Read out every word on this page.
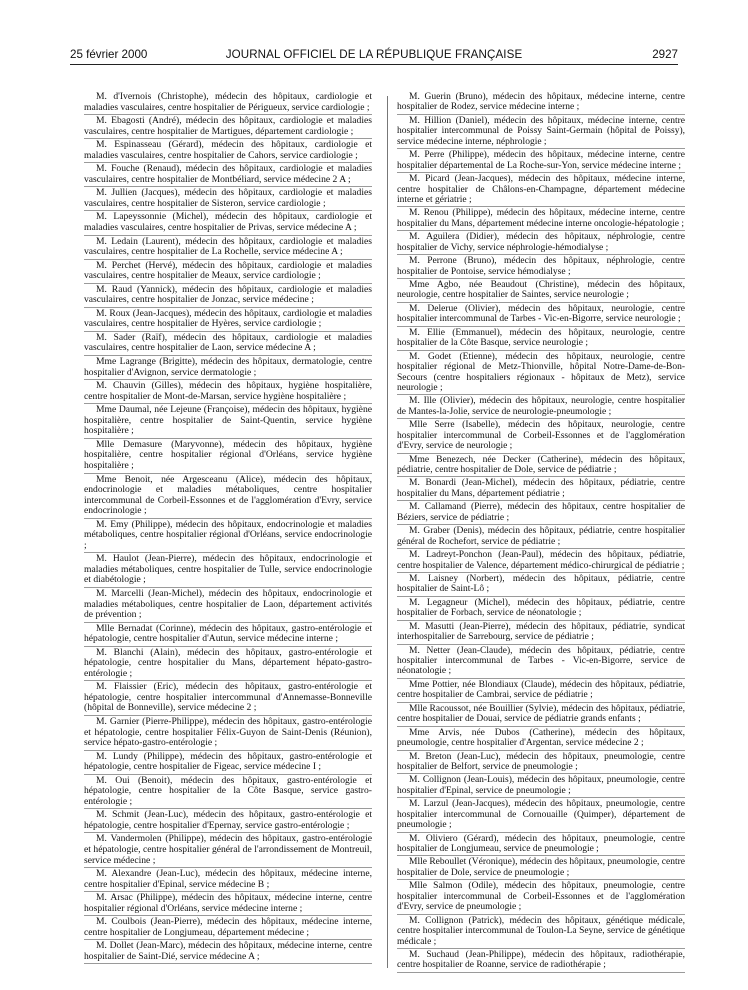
25 février 2000	JOURNAL OFFICIEL DE LA RÉPUBLIQUE FRANÇAISE	2927

M. d'Ivernois (Christophe), médecin des hôpitaux, cardiologie et maladies vasculaires, centre hospitalier de Périgueux, service cardiologie ;

M. Ebagosti (André), médecin des hôpitaux, cardiologie et maladies vasculaires, centre hospitalier de Martigues, département cardiologie ;

M. Espinasseau (Gérard), médecin des hôpitaux, cardiologie et maladies vasculaires, centre hospitalier de Cahors, service cardiologie ;

M. Fouche (Renaud), médecin des hôpitaux, cardiologie et maladies vasculaires, centre hospitalier de Montbéliard, service médecine 2 A ;

M. Jullien (Jacques), médecin des hôpitaux, cardiologie et maladies vasculaires, centre hospitalier de Sisteron, service cardiologie ;

M. Lapeyssonnie (Michel), médecin des hôpitaux, cardiologie et maladies vasculaires, centre hospitalier de Privas, service médecine A ;

M. Ledain (Laurent), médecin des hôpitaux, cardiologie et maladies vasculaires, centre hospitalier de La Rochelle, service médecine A ;

M. Perchet (Hervé), médecin des hôpitaux, cardiologie et maladies vasculaires, centre hospitalier de Meaux, service cardiologie ;

M. Raud (Yannick), médecin des hôpitaux, cardiologie et maladies vasculaires, centre hospitalier de Jonzac, service médecine ;

M. Roux (Jean-Jacques), médecin des hôpitaux, cardiologie et maladies vasculaires, centre hospitalier de Hyères, service cardiologie ;

M. Sader (Raïf), médecin des hôpitaux, cardiologie et maladies vasculaires, centre hospitalier de Laon, service médecine A ;

Mme Lagrange (Brigitte), médecin des hôpitaux, dermatologie, centre hospitalier d'Avignon, service dermatologie ;

M. Chauvin (Gilles), médecin des hôpitaux, hygiène hospitalière, centre hospitalier de Mont-de-Marsan, service hygiène hospitalière ;

Mme Daumal, née Lejeune (Françoise), médecin des hôpitaux, hygiène hospitalière, centre hospitalier de Saint-Quentin, service hygiène hospitalière ;

Mlle Demasure (Maryvonne), médecin des hôpitaux, hygiène hospitalière, centre hospitalier régional d'Orléans, service hygiène hospitalière ;

Mme Benoit, née Argesceanu (Alice), médecin des hôpitaux, endocrinologie et maladies métaboliques, centre hospitalier intercommunal de Corbeil-Essonnes et de l'agglomération d'Evry, service endocrinologie ;

M. Emy (Philippe), médecin des hôpitaux, endocrinologie et maladies métaboliques, centre hospitalier régional d'Orléans, service endocrinologie ;

M. Haulot (Jean-Pierre), médecin des hôpitaux, endocrinologie et maladies métaboliques, centre hospitalier de Tulle, service endocrinologie et diabétologie ;

M. Marcelli (Jean-Michel), médecin des hôpitaux, endocrinologie et maladies métaboliques, centre hospitalier de Laon, département activités de prévention ;

Mlle Bernadat (Corinne), médecin des hôpitaux, gastro-entérologie et hépatologie, centre hospitalier d'Autun, service médecine interne ;

M. Blanchi (Alain), médecin des hôpitaux, gastro-entérologie et hépatologie, centre hospitalier du Mans, département hépato-gastro-entérologie ;

M. Flaissier (Eric), médecin des hôpitaux, gastro-entérologie et hépatologie, centre hospitalier intercommunal d'Annemasse-Bonneville (hôpital de Bonneville), service médecine 2 ;

M. Garnier (Pierre-Philippe), médecin des hôpitaux, gastro-entérologie et hépatologie, centre hospitalier Félix-Guyon de Saint-Denis (Réunion), service hépato-gastro-entérologie ;

M. Lundy (Philippe), médecin des hôpitaux, gastro-entérologie et hépatologie, centre hospitalier de Figeac, service médecine I ;

M. Oui (Benoit), médecin des hôpitaux, gastro-entérologie et hépatologie, centre hospitalier de la Côte Basque, service gastro-entérologie ;

M. Schmit (Jean-Luc), médecin des hôpitaux, gastro-entérologie et hépatologie, centre hospitalier d'Epernay, service gastro-entérologie ;

M. Vandermolen (Philippe), médecin des hôpitaux, gastro-entérologie et hépatologie, centre hospitalier général de l'arrondissement de Montreuil, service médecine ;

M. Alexandre (Jean-Luc), médecin des hôpitaux, médecine interne, centre hospitalier d'Epinal, service médecine B ;

M. Arsac (Philippe), médecin des hôpitaux, médecine interne, centre hospitalier régional d'Orléans, service médecine interne ;

M. Coulbois (Jean-Pierre), médecin des hôpitaux, médecine interne, centre hospitalier de Longjumeau, département médecine ;

M. Dollet (Jean-Marc), médecin des hôpitaux, médecine interne, centre hospitalier de Saint-Dié, service médecine A ;

M. Guerin (Bruno), médecin des hôpitaux, médecine interne, centre hospitalier de Rodez, service médecine interne ;

M. Hillion (Daniel), médecin des hôpitaux, médecine interne, centre hospitalier intercommunal de Poissy Saint-Germain (hôpital de Poissy), service médecine interne, néphrologie ;

M. Perre (Philippe), médecin des hôpitaux, médecine interne, centre hospitalier départemental de La Roche-sur-Yon, service médecine interne ;

M. Picard (Jean-Jacques), médecin des hôpitaux, médecine interne, centre hospitalier de Châlons-en-Champagne, département médecine interne et gériatrie ;

M. Renou (Philippe), médecin des hôpitaux, médecine interne, centre hospitalier du Mans, département médecine interne oncologie-hépatologie ;

M. Aguilera (Didier), médecin des hôpitaux, néphrologie, centre hospitalier de Vichy, service néphrologie-hémodialyse ;

M. Perrone (Bruno), médecin des hôpitaux, néphrologie, centre hospitalier de Pontoise, service hémodialyse ;

Mme Agbo, née Beaudout (Christine), médecin des hôpitaux, neurologie, centre hospitalier de Saintes, service neurologie ;

M. Delerue (Olivier), médecin des hôpitaux, neurologie, centre hospitalier intercommunal de Tarbes - Vic-en-Bigorre, service neurologie ;

M. Ellie (Emmanuel), médecin des hôpitaux, neurologie, centre hospitalier de la Côte Basque, service neurologie ;

M. Godet (Etienne), médecin des hôpitaux, neurologie, centre hospitalier régional de Metz-Thionville, hôpital Notre-Dame-de-Bon-Secours (centre hospitaliers régionaux - hôpitaux de Metz), service neurologie ;

M. Ille (Olivier), médecin des hôpitaux, neurologie, centre hospitalier de Mantes-la-Jolie, service de neurologie-pneumologie ;

Mlle Serre (Isabelle), médecin des hôpitaux, neurologie, centre hospitalier intercommunal de Corbeil-Essonnes et de l'agglomération d'Evry, service de neurologie ;

Mme Benezech, née Decker (Catherine), médecin des hôpitaux, pédiatrie, centre hospitalier de Dole, service de pédiatrie ;

M. Bonardi (Jean-Michel), médecin des hôpitaux, pédiatrie, centre hospitalier du Mans, département pédiatrie ;

M. Callamand (Pierre), médecin des hôpitaux, centre hospitalier de Béziers, service de pédiatrie ;

M. Graber (Denis), médecin des hôpitaux, pédiatrie, centre hospitalier général de Rochefort, service de pédiatrie ;

M. Ladreyt-Ponchon (Jean-Paul), médecin des hôpitaux, pédiatrie, centre hospitalier de Valence, département médico-chirurgical de pédiatrie ;

M. Laisney (Norbert), médecin des hôpitaux, pédiatrie, centre hospitalier de Saint-Lô ;

M. Legagneur (Michel), médecin des hôpitaux, pédiatrie, centre hospitalier de Forbach, service de néonatologie ;

M. Masutti (Jean-Pierre), médecin des hôpitaux, pédiatrie, syndicat interhospitalier de Sarrebourg, service de pédiatrie ;

M. Netter (Jean-Claude), médecin des hôpitaux, pédiatrie, centre hospitalier intercommunal de Tarbes - Vic-en-Bigorre, service de néonatologie ;

Mme Pottier, née Blondiaux (Claude), médecin des hôpitaux, pédiatrie, centre hospitalier de Cambrai, service de pédiatrie ;

Mlle Racoussot, née Bouillier (Sylvie), médecin des hôpitaux, pédiatrie, centre hospitalier de Douai, service de pédiatrie grands enfants ;

Mme Arvis, née Dubos (Catherine), médecin des hôpitaux, pneumologie, centre hospitalier d'Argentan, service médecine 2 ;

M. Breton (Jean-Luc), médecin des hôpitaux, pneumologie, centre hospitalier de Belfort, service de pneumologie ;

M. Collignon (Jean-Louis), médecin des hôpitaux, pneumologie, centre hospitalier d'Epinal, service de pneumologie ;

M. Larzul (Jean-Jacques), médecin des hôpitaux, pneumologie, centre hospitalier intercommunal de Cornouaille (Quimper), département de pneumologie ;

M. Oliviero (Gérard), médecin des hôpitaux, pneumologie, centre hospitalier de Longjumeau, service de pneumologie ;

Mlle Reboullet (Véronique), médecin des hôpitaux, pneumologie, centre hospitalier de Dole, service de pneumologie ;

Mlle Salmon (Odile), médecin des hôpitaux, pneumologie, centre hospitalier intercommunal de Corbeil-Essonnes et de l'agglomération d'Evry, service de pneumologie ;

M. Collignon (Patrick), médecin des hôpitaux, génétique médicale, centre hospitalier intercommunal de Toulon-La Seyne, service de génétique médicale ;

M. Suchaud (Jean-Philippe), médecin des hôpitaux, radiothérapie, centre hospitalier de Roanne, service de radiothérapie ;
